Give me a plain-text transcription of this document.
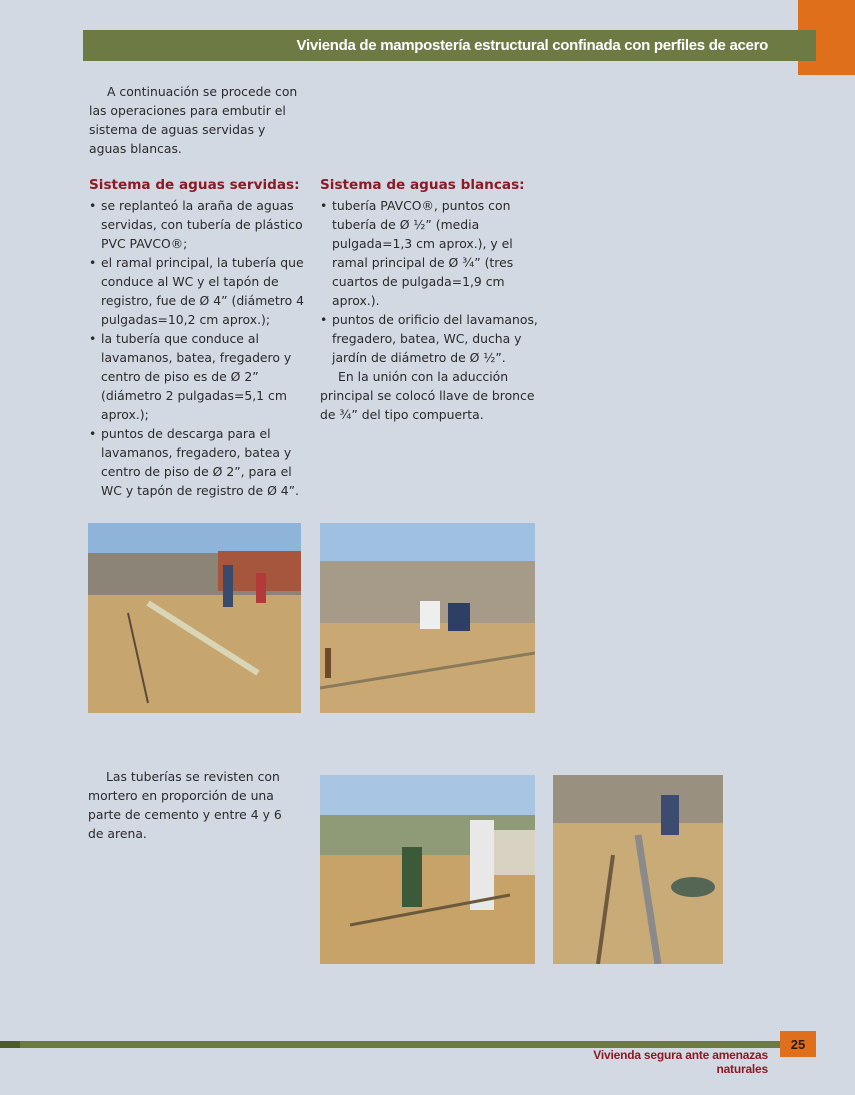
Vivienda de mampostería estructural confinada con perfiles de acero

A continuación se procede con las operaciones para embutir el sistema de aguas servidas y aguas blancas.

Sistema de aguas servidas:
• se replanteó la araña de aguas servidas, con tubería de plástico PVC PAVCO®;
• el ramal principal, la tubería que conduce al WC y el tapón de registro, fue de Ø 4” (diámetro 4 pulgadas=10,2 cm aprox.);
• la tubería que conduce al lavamanos, batea, fregadero y centro de piso es de Ø 2” (diámetro 2 pulgadas=5,1 cm aprox.);
• puntos de descarga para el lavamanos, fregadero, batea y centro de piso de Ø 2”, para el WC y tapón de registro de Ø 4”.
Sistema de aguas blancas:
• tubería PAVCO®, puntos con tubería de Ø ½” (media pulgada=1,3 cm aprox.), y el ramal principal de Ø ¾” (tres cuartos de pulgada=1,9 cm aprox.).
• puntos de orificio del lavamanos, fregadero, batea, WC, ducha y jardín de diámetro de Ø ½”.

En la unión con la aducción principal se colocó llave de bronce de ¾” del tipo compuerta.

Las tuberías se revisten con mortero en proporción de una parte de cemento y entre 4 y 6 de arena.

25
Vivienda segura ante amenazas naturales
